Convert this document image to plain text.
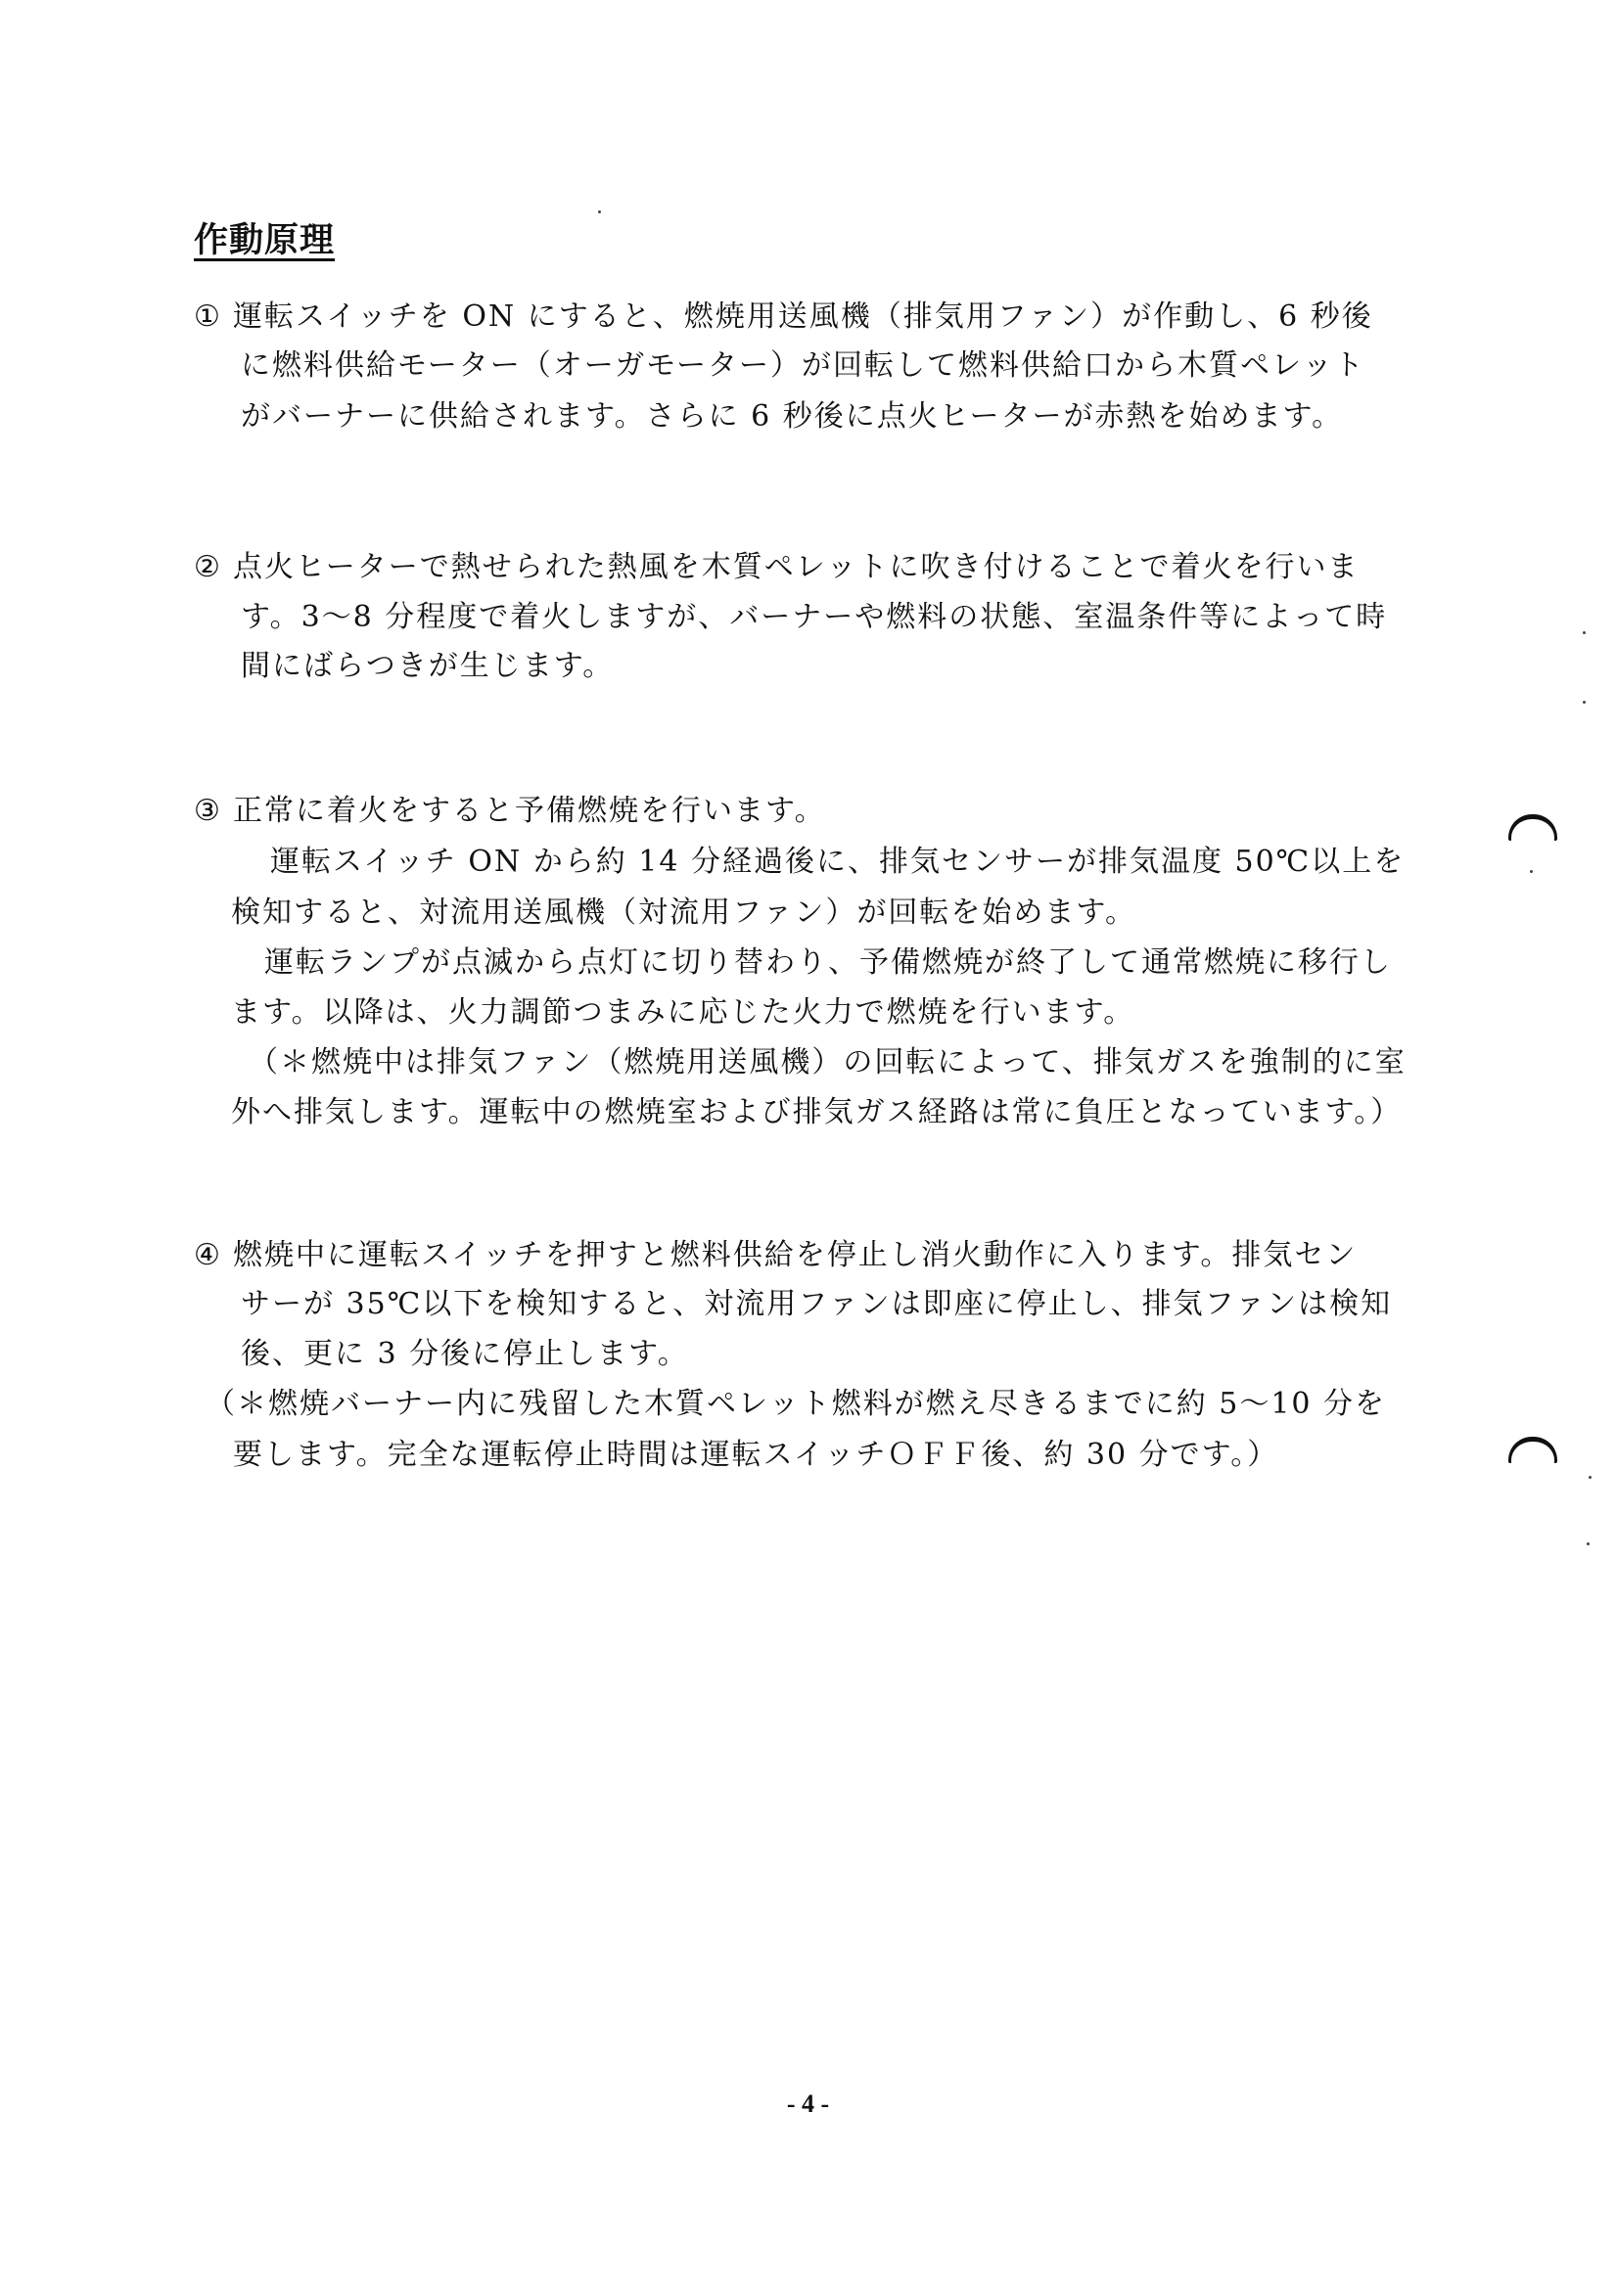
作動原理
① 運転スイッチを ON にすると、燃焼用送風機（排気用ファン）が作動し、6 秒後
に燃料供給モーター（オーガモーター）が回転して燃料供給口から木質ペレット
がバーナーに供給されます。さらに 6 秒後に点火ヒーターが赤熱を始めます。
② 点火ヒーターで熱せられた熱風を木質ペレットに吹き付けることで着火を行いま
す。3～8 分程度で着火しますが、バーナーや燃料の状態、室温条件等によって時
間にばらつきが生じます。
③ 正常に着火をすると予備燃焼を行います。
運転スイッチ ON から約 14 分経過後に、排気センサーが排気温度 50℃以上を
検知すると、対流用送風機（対流用ファン）が回転を始めます。
運転ランプが点滅から点灯に切り替わり、予備燃焼が終了して通常燃焼に移行し
ます。以降は、火力調節つまみに応じた火力で燃焼を行います。
（＊燃焼中は排気ファン（燃焼用送風機）の回転によって、排気ガスを強制的に室
外へ排気します。運転中の燃焼室および排気ガス経路は常に負圧となっています。）
④ 燃焼中に運転スイッチを押すと燃料供給を停止し消火動作に入ります。排気セン
サーが 35℃以下を検知すると、対流用ファンは即座に停止し、排気ファンは検知
後、更に 3 分後に停止します。
（＊燃焼バーナー内に残留した木質ペレット燃料が燃え尽きるまでに約 5～10 分を
要します。完全な運転停止時間は運転スイッチＯＦＦ後、約 30 分です。）
- 4 -
